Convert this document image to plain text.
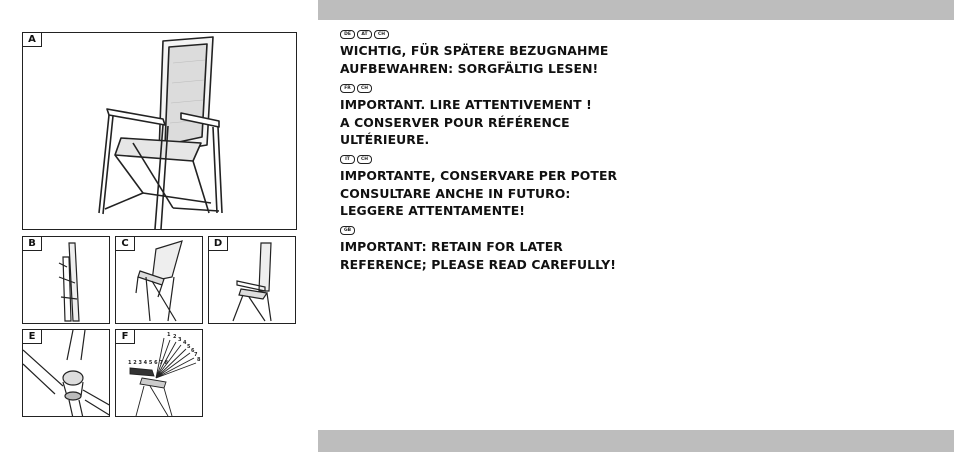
A
B	C	D
E	F
1 2 3 4 5 6 7 8
1 2 3 4
5
6
7
8
DE	AT	CH
WICHTIG, FÜR SPÄTERE BEZUGNAHME
AUFBEWAHREN: SORGFÄLTIG LESEN!
FR	CH
IMPORTANT. LIRE ATTENTIVEMENT !
A CONSERVER POUR RÉFÉRENCE
ULTÉRIEURE.
IT	CH
IMPORTANTE, CONSERVARE PER POTER
CONSULTARE ANCHE IN FUTURO:
LEGGERE ATTENTAMENTE!
GB
IMPORTANT: RETAIN FOR LATER
REFERENCE; PLEASE READ CAREFULLY!
